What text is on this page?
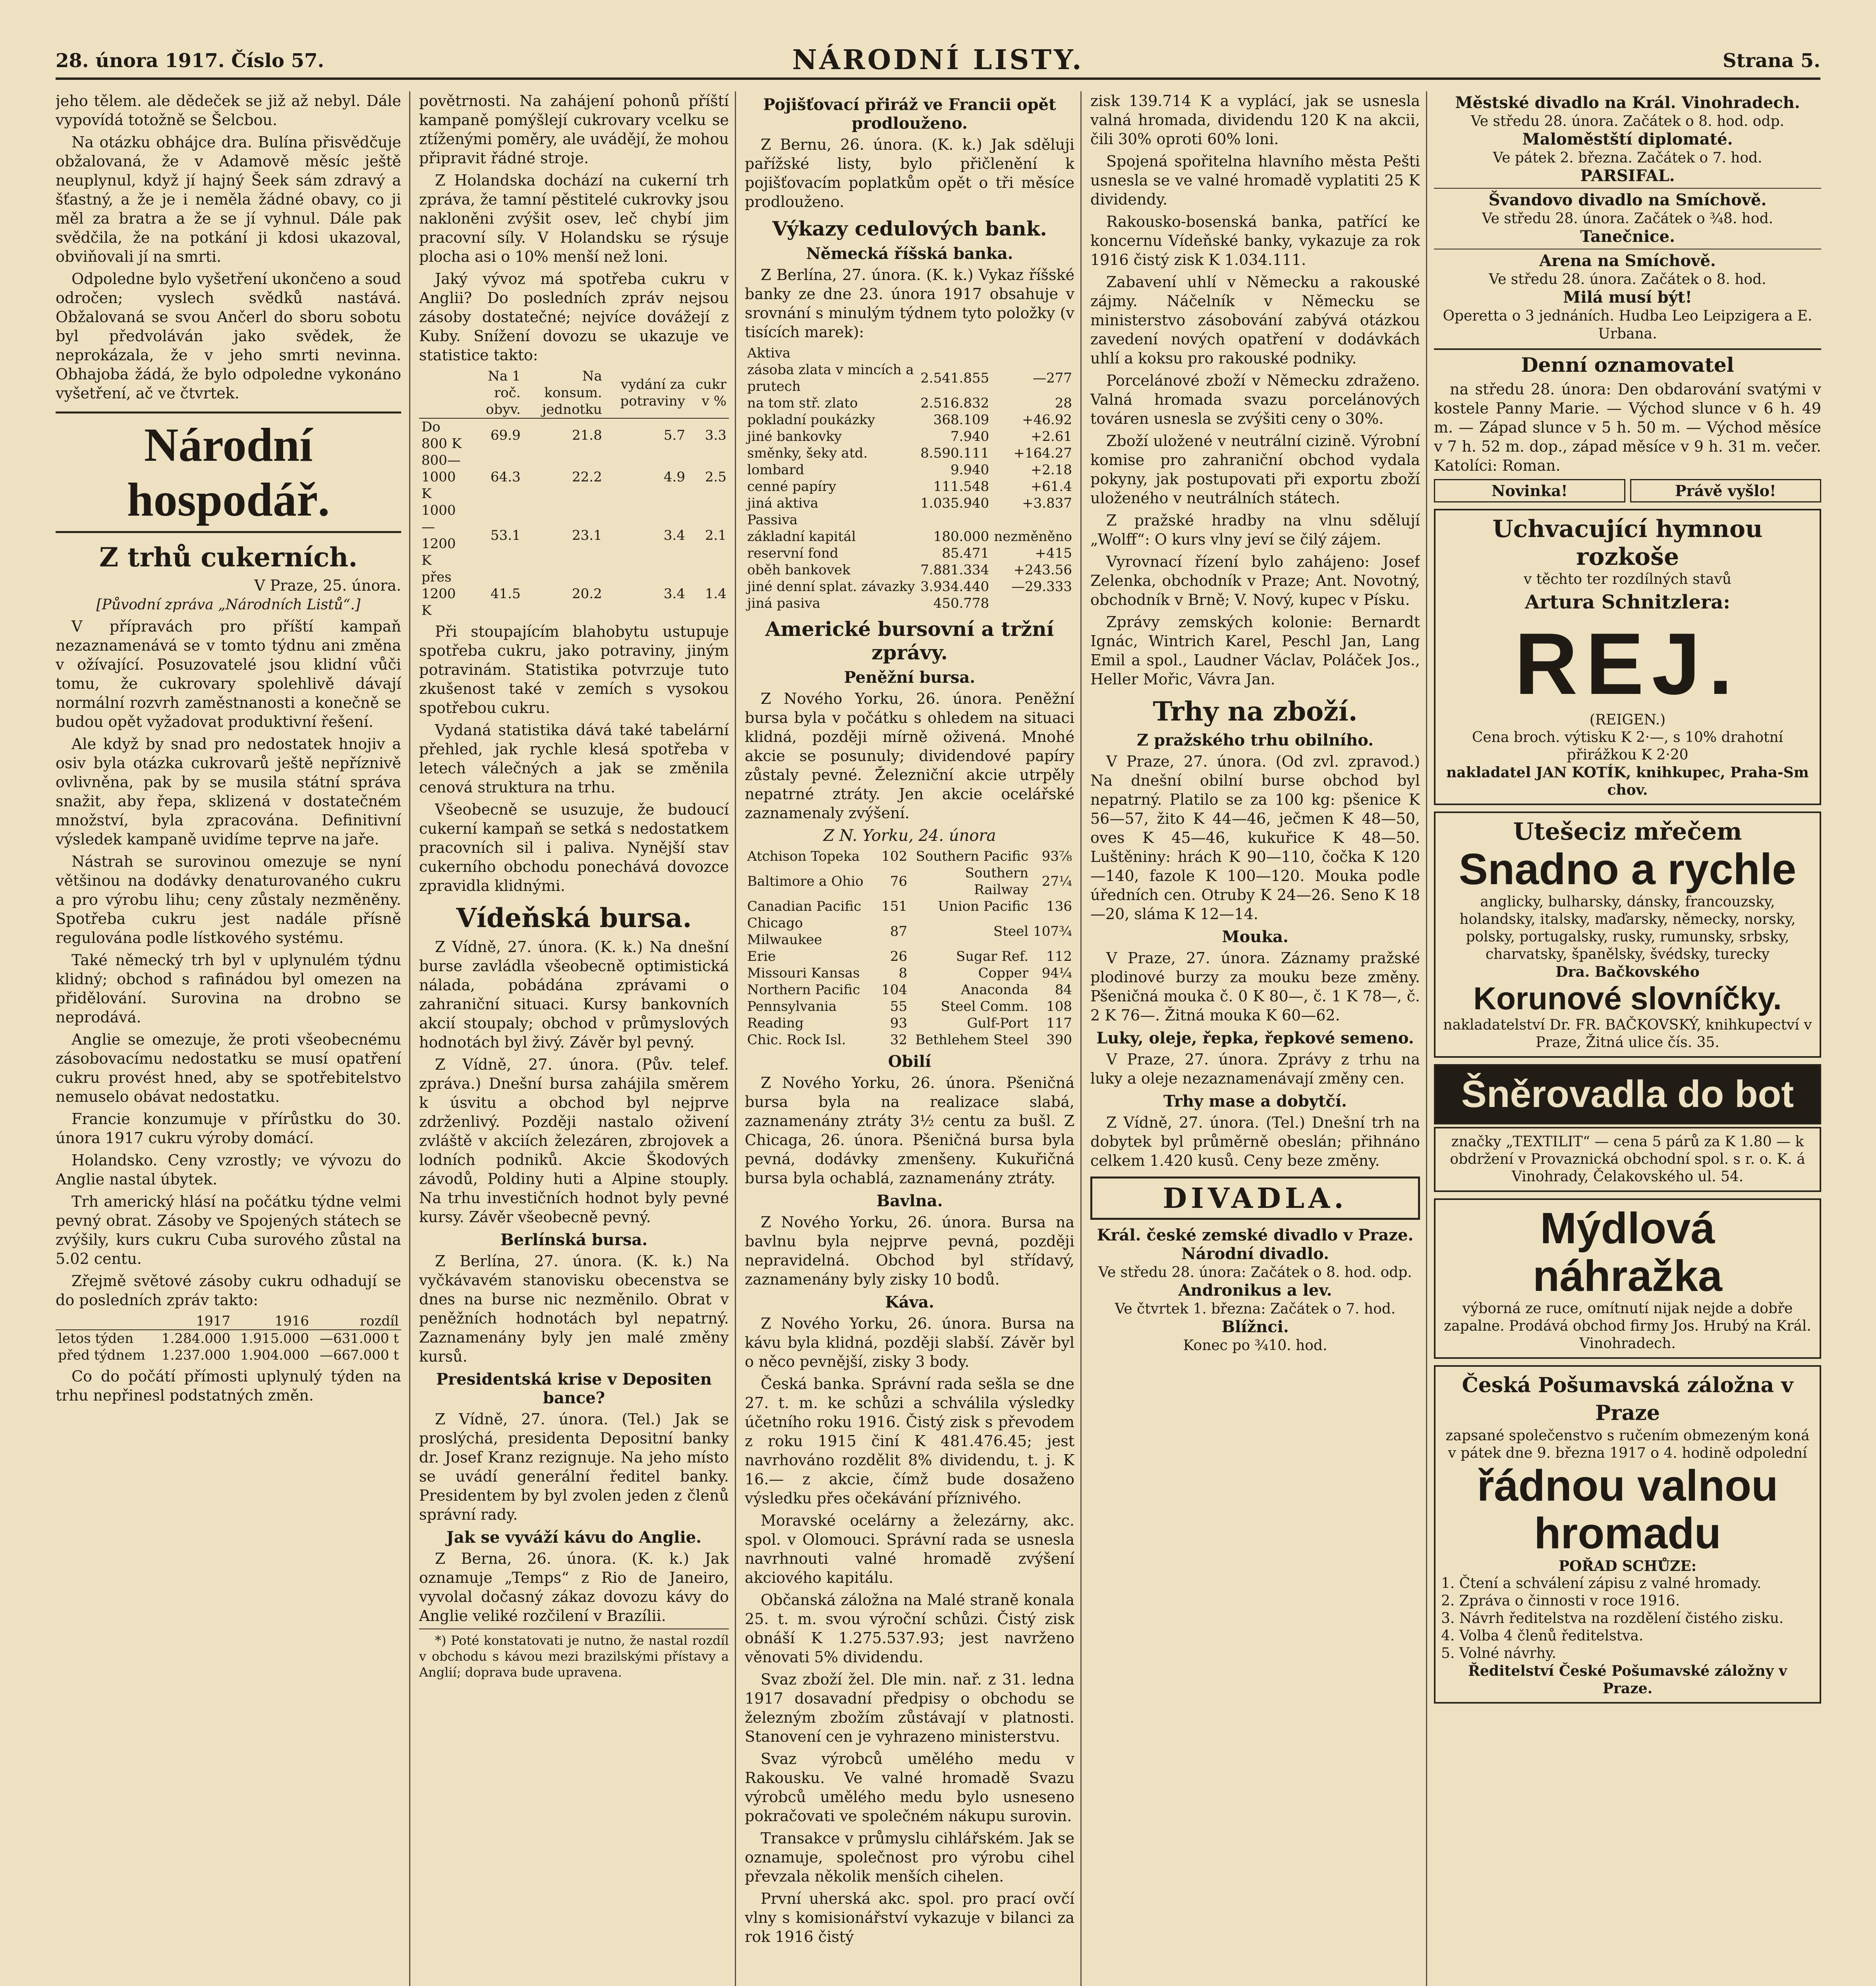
28. února 1917. Číslo 57.	NÁRODNÍ LISTY.	Strana 5.

jeho tělem. ale dědeček se již až nebyl. Dále vypovídá totožně se Šelcbou.

Na otázku obhájce dra. Bulína přisvědčuje obžalovaná, že v Adamově měsíc ještě neuplynul, když jí hajný Šeek sám zdravý a šťastný, a že je i neměla žádné obavy, co ji měl za bratra a že se jí vyhnul. Dále pak svědčila, že na potkání ji kdosi ukazoval, obviňovali jí na smrti.

Odpoledne bylo vyšetření ukončeno a soud odročen; vyslech svědků nastává. Obžalovaná se svou Ančerl do sboru sobotu byl předvoláván jako svědek, že neprokázala, že v jeho smrti nevinna. Obhajoba žádá, že bylo odpoledne vykonáno vyšetření, ač ve čtvrtek.

Národní hospodář.
Z trhů cukerních.
V Praze, 25. února.
[Původní zpráva „Národních Listů“.]

V přípravách pro příští kampaň nezaznamenává se v tomto týdnu ani změna v ožívající. Posuzovatelé jsou klidní vůči tomu, že cukrovary spolehlivě dávají normální rozvrh zaměstnanosti a konečně se budou opět vyžadovat produktivní řešení.

Ale když by snad pro nedostatek hnojiv a osiv byla otázka cukrovarů ještě nepříznivě ovlivněna, pak by se musila státní správa snažit, aby řepa, sklizená v dostatečném množství, byla zpracována. Definitivní výsledek kampaně uvidíme teprve na jaře.

Nástrah se surovinou omezuje se nyní většinou na dodávky denaturovaného cukru a pro výrobu lihu; ceny zůstaly nezměněny. Spotřeba cukru jest nadále přísně regulována podle lístkového systému.

Také německý trh byl v uplynulém týdnu klidný; obchod s rafinádou byl omezen na přidělování. Surovina na drobno se neprodává.

Anglie se omezuje, že proti všeobecnému zásobovacímu nedostatku se musí opatření cukru provést hned, aby se spotřebitelstvo nemuselo obávat nedostatku.

Francie konzumuje v přírůstku do 30. února 1917 cukru výroby domácí.

Holandsko. Ceny vzrostly; ve vývozu do Anglie nastal úbytek.

Trh americký hlásí na počátku týdne velmi pevný obrat. Zásoby ve Spojených státech se zvýšily, kurs cukru Cuba surového zůstal na 5.02 centu.

Zřejmě světové zásoby cukru odhadují se do posledních zpráv takto:

	1917	1916	rozdíl
letos týden	1.284.000	1.915.000	—631.000 t
před týdnem	1.237.000	1.904.000	—667.000 t

Co do počátí přímosti uplynulý týden na trhu nepřinesl podstatných změn.

povětrnosti. Na zahájení pohonů příští kampaně pomýšlejí cukrovary vcelku se ztíženými poměry, ale uvádějí, že mohou připravit řádné stroje.

Z Holandska dochází na cukerní trh zpráva, že tamní pěstitelé cukrovky jsou nakloněni zvýšit osev, leč chybí jim pracovní síly. V Holandsku se rýsuje plocha asi o 10% menší než loni.

Jaký vývoz má spotřeba cukru v Anglii? Do posledních zpráv nejsou zásoby dostatečné; nejvíce dovážejí z Kuby. Snížení dovozu se ukazuje ve statistice takto:

	Na 1 roč. obyv.	Na konsum. jednotku	vydání za potraviny	cukr v %
Do 800 K	69.9	21.8	5.7	3.3
800—1000 K	64.3	22.2	4.9	2.5
1000—1200 K	53.1	23.1	3.4	2.1
přes 1200 K	41.5	20.2	3.4	1.4

Při stoupajícím blahobytu ustupuje spotřeba cukru, jako potraviny, jiným potravinám. Statistika potvrzuje tuto zkušenost také v zemích s vysokou spotřebou cukru.

Vydaná statistika dává také tabelární přehled, jak rychle klesá spotřeba v letech válečných a jak se změnila cenová struktura na trhu.

Všeobecně se usuzuje, že budoucí cukerní kampaň se setká s nedostatkem pracovních sil i paliva. Nynější stav cukerního obchodu ponechává dovozce zpravidla klidnými.

Vídeňská bursa.

Z Vídně, 27. února. (K. k.) Na dnešní burse zavládla všeobecně optimistická nálada, pobádána zprávami o zahraniční situaci. Kursy bankovních akcií stoupaly; obchod v průmyslových hodnotách byl živý. Závěr byl pevný.

Z Vídně, 27. února. (Pův. telef. zpráva.) Dnešní bursa zahájila směrem k úsvitu a obchod byl nejprve zdrženlivý. Později nastalo oživení zvláště v akciích železáren, zbrojovek a lodních podniků. Akcie Škodových závodů, Poldiny huti a Alpine stouply. Na trhu investičních hodnot byly pevné kursy. Závěr všeobecně pevný.

Berlínská bursa.

Z Berlína, 27. února. (K. k.) Na vyčkávavém stanovisku obecenstva se dnes na burse nic nezměnilo. Obrat v peněžních hodnotách byl nepatrný. Zaznamenány byly jen malé změny kursů.

Presidentská krise v Depositen bance?

Z Vídně, 27. února. (Tel.) Jak se proslýchá, presidenta Depositní banky dr. Josef Kranz rezignuje. Na jeho místo se uvádí generální ředitel banky. Presidentem by byl zvolen jeden z členů správní rady.

Jak se vyváží kávu do Anglie.

Z Berna, 26. února. (K. k.) Jak oznamuje „Temps“ z Rio de Janeiro, vyvolal dočasný zákaz dovozu kávy do Anglie veliké rozčilení v Brazílii.

*) Poté konstatovati je nutno, že nastal rozdíl v obchodu s kávou mezi brazilskými přístavy a Anglií; doprava bude upravena.

Pojišťovací přiráž ve Francii opět prodlouženo.

Z Bernu, 26. února. (K. k.) Jak sděluji pařížské listy, bylo přičlenění k pojišťovacím poplatkům opět o tři měsíce prodlouženo.

Výkazy cedulových bank.
Německá říšská banka.

Z Berlína, 27. února. (K. k.) Vykaz říšské banky ze dne 23. února 1917 obsahuje v srovnání s minulým týdnem tyto položky (v tisících marek):

Aktiva		
zásoba zlata v mincích a prutech	2.541.855	—277
na tom stř. zlato	2.516.832	28
pokladní poukázky	368.109	+46.92
jiné bankovky	7.940	+2.61
směnky, šeky atd.	8.590.111	+164.27
lombard	9.940	+2.18
cenné papíry	111.548	+61.4
jiná aktiva	1.035.940	+3.837
Passiva		
základní kapitál	180.000	nezměněno
reservní fond	85.471	+415
oběh bankovek	7.881.334	+243.56
jiné denní splat. závazky	3.934.440	—29.333
jiná pasiva	450.778	
Americké bursovní a tržní zprávy.
Peněžní bursa.

Z Nového Yorku, 26. února. Peněžní bursa byla v počátku s ohledem na situaci klidná, později mírně oživená. Mnohé akcie se posunuly; dividendové papíry zůstaly pevné. Železniční akcie utrpěly nepatrné ztráty. Jen akcie ocelářské zaznamenaly zvýšení.

Z N. Yorku, 24. února
Atchison Topeka	102	Southern Pacific	93⅞
Baltimore a Ohio	76	Southern Railway	27¼
Canadian Pacific	151	Union Pacific	136
Chicago Milwaukee	87	Steel	107¾
Erie	26	Sugar Ref.	112
Missouri Kansas	8	Copper	94¼
Northern Pacific	104	Anaconda	84
Pennsylvania	55	Steel Comm.	108
Reading	93	Gulf-Port	117
Chic. Rock Isl.	32	Bethlehem Steel	390
Obilí

Z Nového Yorku, 26. února. Pšeničná bursa byla na realizace slabá, zaznamenány ztráty 3½ centu za bušl. Z Chicaga, 26. února. Pšeničná bursa byla pevná, dodávky zmenšeny. Kukuřičná bursa byla ochablá, zaznamenány ztráty.

Bavlna.

Z Nového Yorku, 26. února. Bursa na bavlnu byla nejprve pevná, později nepravidelná. Obchod byl střídavý, zaznamenány byly zisky 10 bodů.

Káva.

Z Nového Yorku, 26. února. Bursa na kávu byla klidná, později slabší. Závěr byl o něco pevnější, zisky 3 body.

Česká banka. Správní rada sešla se dne 27. t. m. ke schůzi a schválila výsledky účetního roku 1916. Čistý zisk s převodem z roku 1915 činí K 481.476.45; jest navrhováno rozdělit 8% dividendu, t. j. K 16.— z akcie, čímž bude dosaženo výsledku přes očekávání příznivého.

Moravské ocelárny a železárny, akc. spol. v Olomouci. Správní rada se usnesla navrhnouti valné hromadě zvýšení akciového kapitálu.

Občanská záložna na Malé straně konala 25. t. m. svou výroční schůzi. Čistý zisk obnáší K 1.275.537.93; jest navrženo věnovati 5% dividendu.

Svaz zboží žel. Dle min. nař. z 31. ledna 1917 dosavadní předpisy o obchodu se železným zbožím zůstávají v platnosti. Stanovení cen je vyhrazeno ministerstvu.

Svaz výrobců umělého medu v Rakousku. Ve valné hromadě Svazu výrobců umělého medu bylo usneseno pokračovati ve společném nákupu surovin.

Transakce v průmyslu cihlářském. Jak se oznamuje, společnost pro výrobu cihel převzala několik menších cihelen.

První uherská akc. spol. pro prací ovčí vlny s komisionářství vykazuje v bilanci za rok 1916 čistý

zisk 139.714 K a vyplácí, jak se usnesla valná hromada, dividendu 120 K na akcii, čili 30% oproti 60% loni.

Spojená spořitelna hlavního města Pešti usnesla se ve valné hromadě vyplatiti 25 K dividendy.

Rakousko-bosenská banka, patřící ke koncernu Vídeňské banky, vykazuje za rok 1916 čistý zisk K 1.034.111.

Zabavení uhlí v Německu a rakouské zájmy. Náčelník v Německu se ministerstvo zásobování zabývá otázkou zavedení nových opatření v dodávkách uhlí a koksu pro rakouské podniky.

Porcelánové zboží v Německu zdraženo. Valná hromada svazu porcelánových továren usnesla se zvýšiti ceny o 30%.

Zboží uložené v neutrální cizině. Výrobní komise pro zahraniční obchod vydala pokyny, jak postupovati při exportu zboží uloženého v neutrálních státech.

Z pražské hradby na vlnu sdělují „Wolff“: O kurs vlny jeví se čilý zájem.

Vyrovnací řízení bylo zahájeno: Josef Zelenka, obchodník v Praze; Ant. Novotný, obchodník v Brně; V. Nový, kupec v Písku.

Zprávy zemských kolonie: Bernardt Ignác, Wintrich Karel, Peschl Jan, Lang Emil a spol., Laudner Václav, Poláček Jos., Heller Mořic, Vávra Jan.

Trhy na zboží.
Z pražského trhu obilního.

V Praze, 27. února. (Od zvl. zpravod.) Na dnešní obilní burse obchod byl nepatrný. Platilo se za 100 kg: pšenice K 56—57, žito K 44—46, ječmen K 48—50, oves K 45—46, kukuřice K 48—50. Luštěniny: hrách K 90—110, čočka K 120—140, fazole K 100—120. Mouka podle úředních cen. Otruby K 24—26. Seno K 18—20, sláma K 12—14.

Mouka.

V Praze, 27. února. Záznamy pražské plodinové burzy za mouku beze změny. Pšeničná mouka č. 0 K 80—, č. 1 K 78—, č. 2 K 76—. Žitná mouka K 60—62.

Luky, oleje, řepka, řepkové semeno.

V Praze, 27. února. Zprávy z trhu na luky a oleje nezaznamenávají změny cen.

Trhy mase a dobytčí.

Z Vídně, 27. února. (Tel.) Dnešní trh na dobytek byl průměrně obeslán; přihnáno celkem 1.420 kusů. Ceny beze změny.

DIVADLA.
Král. české zemské divadlo v Praze.
Národní divadlo.
Ve středu 28. února: Začátek o 8. hod. odp.
Andronikus a lev.
Ve čtvrtek 1. března: Začátek o 7. hod.
Blížnci.
Konec po ¾10. hod.
Městské divadlo na Král. Vinohradech.
Ve středu 28. února. Začátek o 8. hod. odp.
Maloměstští diplomaté.
Ve pátek 2. března. Začátek o 7. hod.
PARSIFAL.
Švandovo divadlo na Smíchově.
Ve středu 28. února. Začátek o ¾8. hod.
Tanečnice.
Arena na Smíchově.
Ve středu 28. února. Začátek o 8. hod.
Milá musí být!
Operetta o 3 jednáních. Hudba Leo Leipzigera a E. Urbana.
Denní oznamovatel

na středu 28. února: Den obdarování svatými v kostele Panny Marie. — Východ slunce v 6 h. 49 m. — Západ slunce v 5 h. 50 m. — Východ měsíce v 7 h. 52 m. dop., západ měsíce v 9 h. 31 m. večer. Katolíci: Roman.

Novinka!	Právě vyšlo!
Uchvacující hymnou rozkoše
v těchto ter rozdílných stavů
Artura Schnitzlera:
REJ.
(REIGEN.)
Cena broch. výtisku K 2·—, s 10% drahotní přirážkou K 2·20
nakladatel JAN KOTÍK, knihkupec, Praha-Sm chov.
Utešeciz mřečem
Snadno a rychle
anglicky, bulharsky, dánsky, francouzsky, holandsky, italsky, maďarsky, německy, norsky, polsky, portugalsky, rusky, rumunsky, srbsky, charvatsky, španělsky, švédsky, turecky
Dra. Bačkovského
Korunové slovníčky.
nakladatelství Dr. FR. BAČKOVSKÝ, knihkupectví v Praze, Žitná ulice čís. 35.
Šněrovadla do bot
značky „TEXTILIT“ — cena 5 párů za K 1.80 — k obdržení v Provaznická obchodní spol. s r. o. K. á Vinohrady, Čelakovského ul. 54.
Mýdlová
náhražka
výborná ze ruce, omítnutí nijak nejde a dobře zapalne. Prodává obchod firmy Jos. Hrubý na Král. Vinohradech.
Česká Pošumavská záložna v Praze
zapsané společenstvo s ručením obmezeným koná v pátek dne 9. března 1917 o 4. hodině odpolední
řádnou valnou hromadu
POŘAD SCHŮZE:
1. Čtení a schválení zápisu z valné hromady.
2. Zpráva o činnosti v roce 1916.
3. Návrh ředitelstva na rozdělení čistého zisku.
4. Volba 4 členů ředitelstva.
5. Volné návrhy.
Ředitelství České Pošumavské záložny v Praze.
